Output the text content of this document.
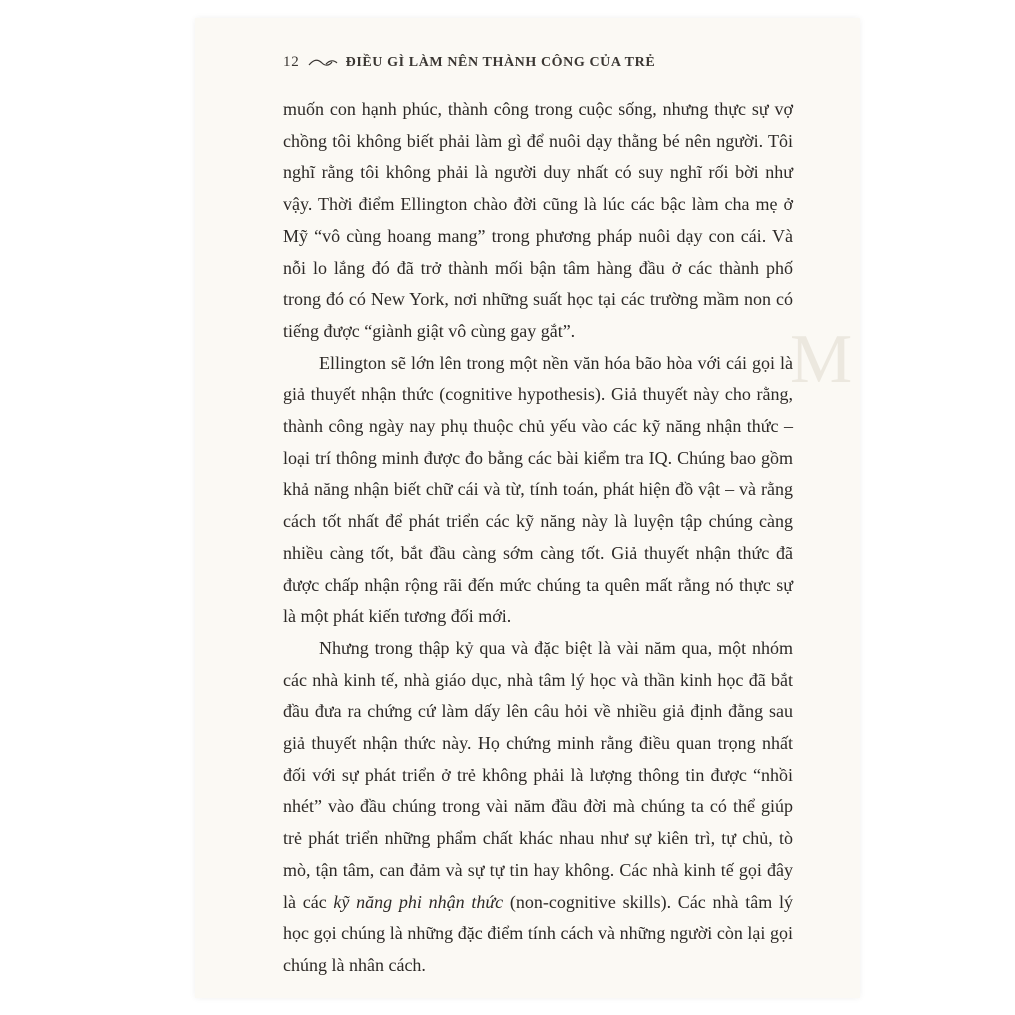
M
12	ĐIỀU GÌ LÀM NÊN THÀNH CÔNG CỦA TRẺ

muốn con hạnh phúc, thành công trong cuộc sống, nhưng thực sự vợ chồng tôi không biết phải làm gì để nuôi dạy thằng bé nên người. Tôi nghĩ rằng tôi không phải là người duy nhất có suy nghĩ rối bời như vậy. Thời điểm Ellington chào đời cũng là lúc các bậc làm cha mẹ ở Mỹ “vô cùng hoang mang” trong phương pháp nuôi dạy con cái. Và nỗi lo lắng đó đã trở thành mối bận tâm hàng đầu ở các thành phố trong đó có New York, nơi những suất học tại các trường mầm non có tiếng được “giành giật vô cùng gay gắt”.

Ellington sẽ lớn lên trong một nền văn hóa bão hòa với cái gọi là giả thuyết nhận thức (cognitive hypothesis). Giả thuyết này cho rằng, thành công ngày nay phụ thuộc chủ yếu vào các kỹ năng nhận thức – loại trí thông minh được đo bằng các bài kiểm tra IQ. Chúng bao gồm khả năng nhận biết chữ cái và từ, tính toán, phát hiện đồ vật – và rằng cách tốt nhất để phát triển các kỹ năng này là luyện tập chúng càng nhiều càng tốt, bắt đầu càng sớm càng tốt. Giả thuyết nhận thức đã được chấp nhận rộng rãi đến mức chúng ta quên mất rằng nó thực sự là một phát kiến tương đối mới.

Nhưng trong thập kỷ qua và đặc biệt là vài năm qua, một nhóm các nhà kinh tế, nhà giáo dục, nhà tâm lý học và thần kinh học đã bắt đầu đưa ra chứng cứ làm dấy lên câu hỏi về nhiều giả định đằng sau giả thuyết nhận thức này. Họ chứng minh rằng điều quan trọng nhất đối với sự phát triển ở trẻ không phải là lượng thông tin được “nhồi nhét” vào đầu chúng trong vài năm đầu đời mà chúng ta có thể giúp trẻ phát triển những phẩm chất khác nhau như sự kiên trì, tự chủ, tò mò, tận tâm, can đảm và sự tự tin hay không. Các nhà kinh tế gọi đây là các kỹ năng phi nhận thức (non-cognitive skills). Các nhà tâm lý học gọi chúng là những đặc điểm tính cách và những người còn lại gọi chúng là nhân cách.
